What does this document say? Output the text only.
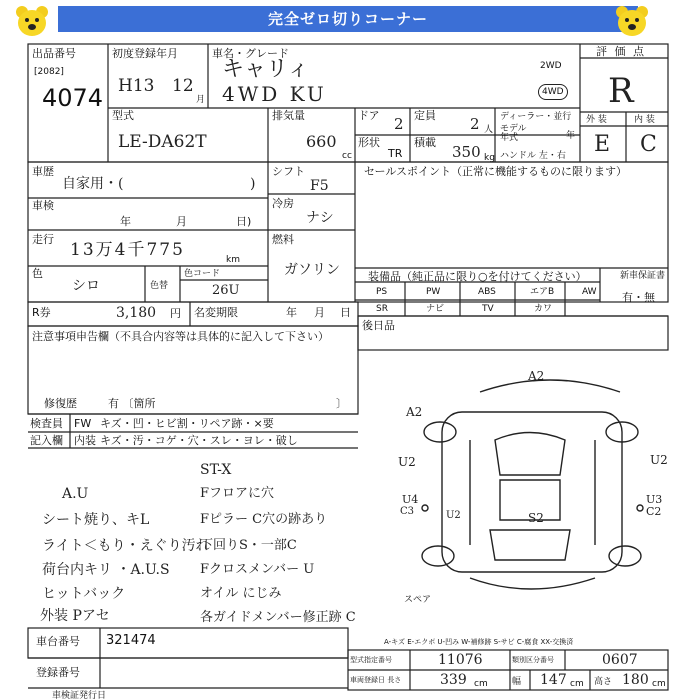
完全ゼロ切りコーナー
出品番号
[2082]
4074
初度登録年月
H13 12
月
車名・グレード
キャリィ
4WD KU
2WD
4WD
評 価 点
R
外 装	内 装
E C
型式
LE-DA62T
排気量
660
cc
ドア 2 定員 2 人
ディーラー・並行
モデル
年式	年
形状
TR
積載
350 kg ハンドル 左・右
車歴
自家用・(	)
シフト
F5
セールスポイント（正常に機能するものに限ります）
車検
年	月	日)
冷房
ナシ
走行
13万4千775	km
燃料
ガソリン
色
シロ	色替
色コード
26U
装備品（純正品に限り○を付けてください）	新車保証書
有・無
PS	PW	ABS	エアB	AW
SR	ナビ	TV	カワ
R券	3,180 円 名変期限	年 月 日
後日品
注意事項申告欄（不具合内容等は具体的に記入して下さい）
修復歴	有 〔箇所	〕
検査員
記入欄
FW キズ・凹・ヒビ割・リペア跡・×要
内装 キズ・汚・コゲ・穴・スレ・ヨレ・破し
A.U
シート焼り、キL
ライト＜もり・えぐり汚れ
荷台内キリ ・A.U.S
ヒットバック
外装 Pアセ
ST-X
Fフロアに穴
Fピラー C穴の跡あり
下回りS・一部C
Fクロスメンバー U
オイル にじみ
各ガイドメンバー修正跡 C
A2
A2
U2	U2
U4
C3	U2
U3
C2
S2
スペア
A-キズ E-エクボ U-凹み W-補修跡 S-サビ C-腐食 XX-交換済
車台番号 321474
登録番号
車検証発行日
型式指定番号	11076	類別区分番号	0607
車両登録日 長さ	339 cm	幅 147 cm 高さ 180 cm
